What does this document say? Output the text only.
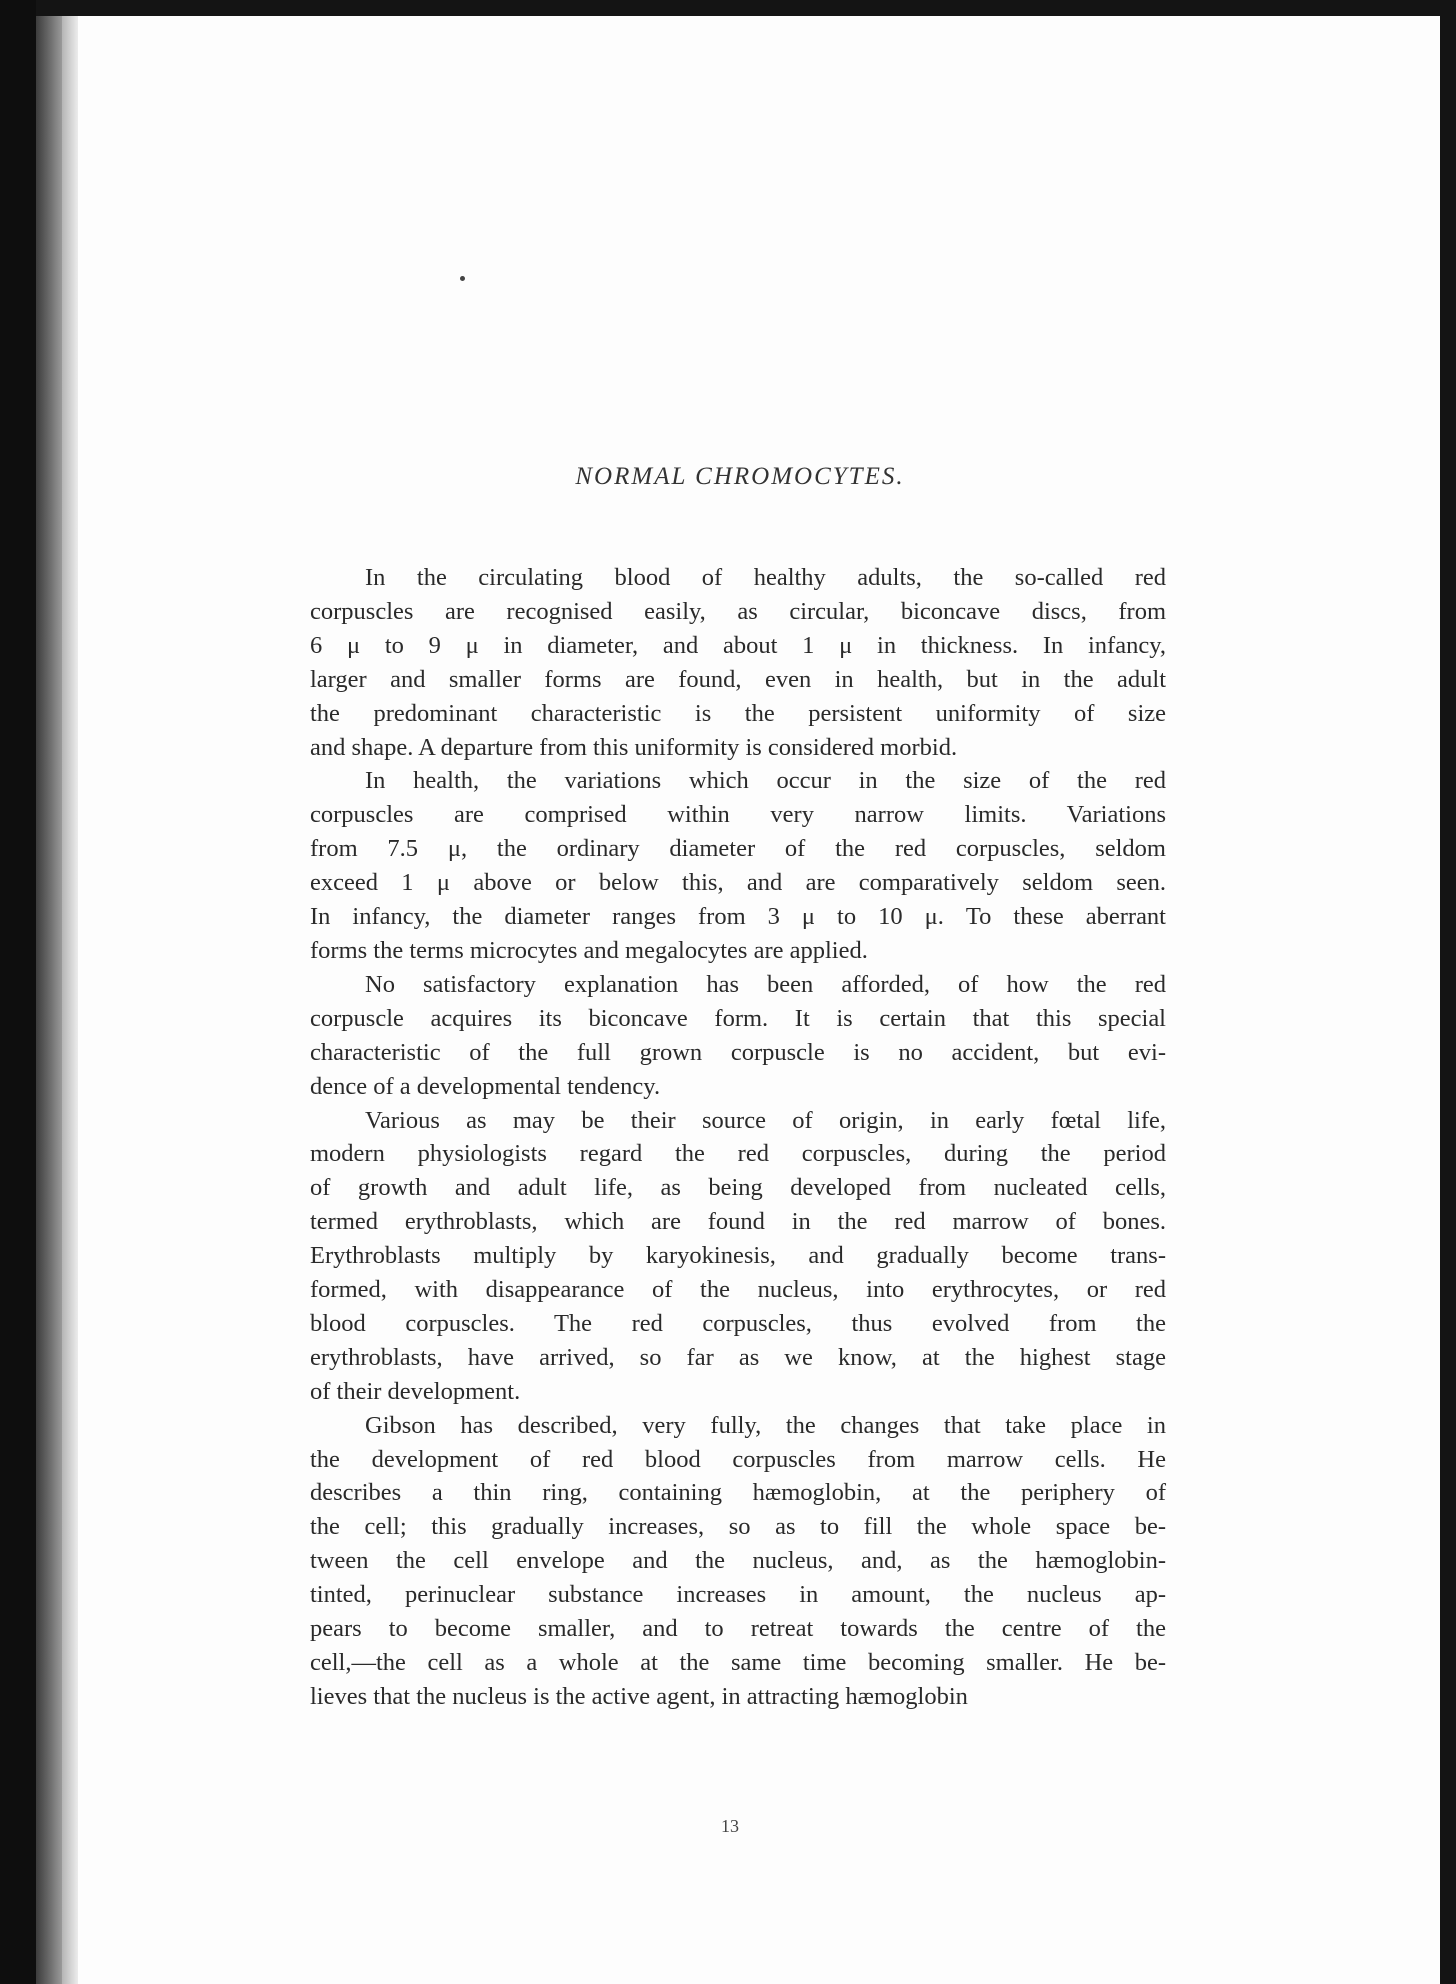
NORMAL CHROMOCYTES.

In the circulating blood of healthy adults, the so-called red
corpuscles are recognised easily, as circular, biconcave discs, from
6 μ to 9 μ in diameter, and about 1 μ in thickness. In infancy,
larger and smaller forms are found, even in health, but in the adult
the predominant characteristic is the persistent uniformity of size
and shape. A departure from this uniformity is considered morbid.

In health, the variations which occur in the size of the red
corpuscles are comprised within very narrow limits. Variations
from 7.5 μ, the ordinary diameter of the red corpuscles, seldom
exceed 1 μ above or below this, and are comparatively seldom seen.
In infancy, the diameter ranges from 3 μ to 10 μ. To these aberrant
forms the terms microcytes and megalocytes are applied.

No satisfactory explanation has been afforded, of how the red
corpuscle acquires its biconcave form. It is certain that this special
characteristic of the full grown corpuscle is no accident, but evi-
dence of a developmental tendency.

Various as may be their source of origin, in early fœtal life,
modern physiologists regard the red corpuscles, during the period
of growth and adult life, as being developed from nucleated cells,
termed erythroblasts, which are found in the red marrow of bones.
Erythroblasts multiply by karyokinesis, and gradually become trans-
formed, with disappearance of the nucleus, into erythrocytes, or red
blood corpuscles. The red corpuscles, thus evolved from the
erythroblasts, have arrived, so far as we know, at the highest stage
of their development.

Gibson has described, very fully, the changes that take place in
the development of red blood corpuscles from marrow cells. He
describes a thin ring, containing hæmoglobin, at the periphery of
the cell; this gradually increases, so as to fill the whole space be-
tween the cell envelope and the nucleus, and, as the hæmoglobin-
tinted, perinuclear substance increases in amount, the nucleus ap-
pears to become smaller, and to retreat towards the centre of the
cell,—the cell as a whole at the same time becoming smaller. He be-
lieves that the nucleus is the active agent, in attracting hæmoglobin

13
